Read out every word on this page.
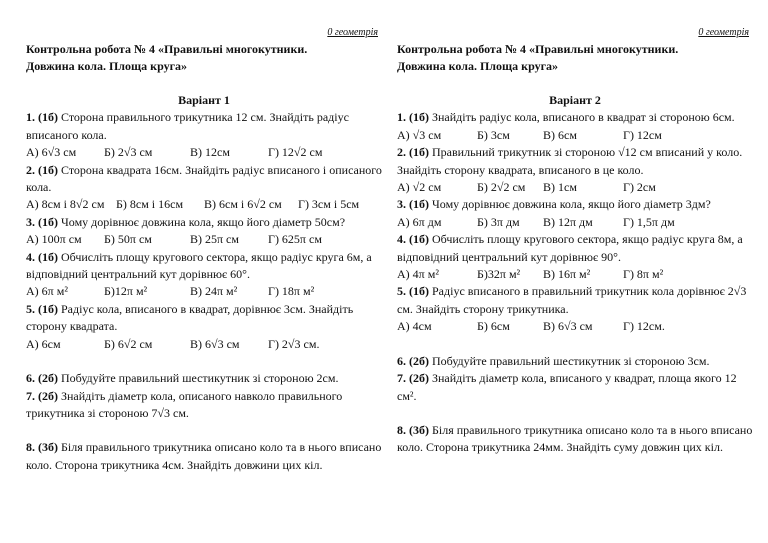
0 геометрія
Контрольна робота № 4 «Правильні многокутники.
Довжина кола. Площа круга»
Варіант 1

1. (1б) Сторона правильного трикутника 12 см. Знайдіть радіус вписаного кола.

А) 6√3 см	Б) 2√3 см	В) 12см	Г) 12√2 см

2. (1б) Сторона квадрата 16см. Знайдіть радіус вписаного і описаного кола.

А) 8см і 8√2 см Б) 8см і 16см	В) 6см і 6√2 см	Г) 3см і 5см

3. (1б) Чому дорівнює довжина кола, якщо його діаметр 50см?

А) 100π см	Б) 50π см	В) 25π см	Г) 625π см

4. (1б) Обчисліть площу кругового сектора, якщо радіус круга 6м, а відповідний центральний кут дорівнює 60°.

А) 6π м²	Б)12π м²	В) 24π м²	Г) 18π м²

5. (1б) Радіус кола, вписаного в квадрат, дорівнює 3см. Знайдіть сторону квадрата.

А) 6см	Б) 6√2 см	В) 6√3 см	Г) 2√3 см.

6. (2б) Побудуйте правильний шестикутник зі стороною 2см.

7. (2б) Знайдіть діаметр кола, описаного навколо правильного трикутника зі стороною 7√3 см.

8. (3б) Біля правильного трикутника описано коло та в нього вписано коло. Сторона трикутника 4см. Знайдіть довжини цих кіл.

0 геометрія
Контрольна робота № 4 «Правильні многокутники.
Довжина кола. Площа круга»
Варіант 2

1. (1б) Знайдіть радіус кола, вписаного в квадрат зі стороною 6см.

А) √3 см	Б) 3см	В) 6см	Г) 12см

2. (1б) Правильний трикутник зі стороною √12 см вписаний у коло. Знайдіть сторону квадрата, вписаного в це коло.

А) √2 см	Б) 2√2 см	В) 1см	Г) 2см

3. (1б) Чому дорівнює довжина кола, якщо його діаметр 3дм?

А) 6π дм	Б) 3π дм	В) 12π дм	Г) 1,5π дм

4. (1б) Обчисліть площу кругового сектора, якщо радіус круга 8м, а відповідний центральний кут дорівнює 90°.

А) 4π м²	Б)32π м²	В) 16π м²	Г) 8π м²

5. (1б) Радіус вписаного в правильний трикутник кола дорівнює 2√3 см. Знайдіть сторону трикутника.

А) 4см	Б) 6см	В) 6√3 см	Г) 12см.

6. (2б) Побудуйте правильний шестикутник зі стороною 3см.

7. (2б) Знайдіть діаметр кола, вписаного у квадрат, площа якого 12 см².

8. (3б) Біля правильного трикутника описано коло та в нього вписано коло. Сторона трикутника 24мм. Знайдіть суму довжин цих кіл.
